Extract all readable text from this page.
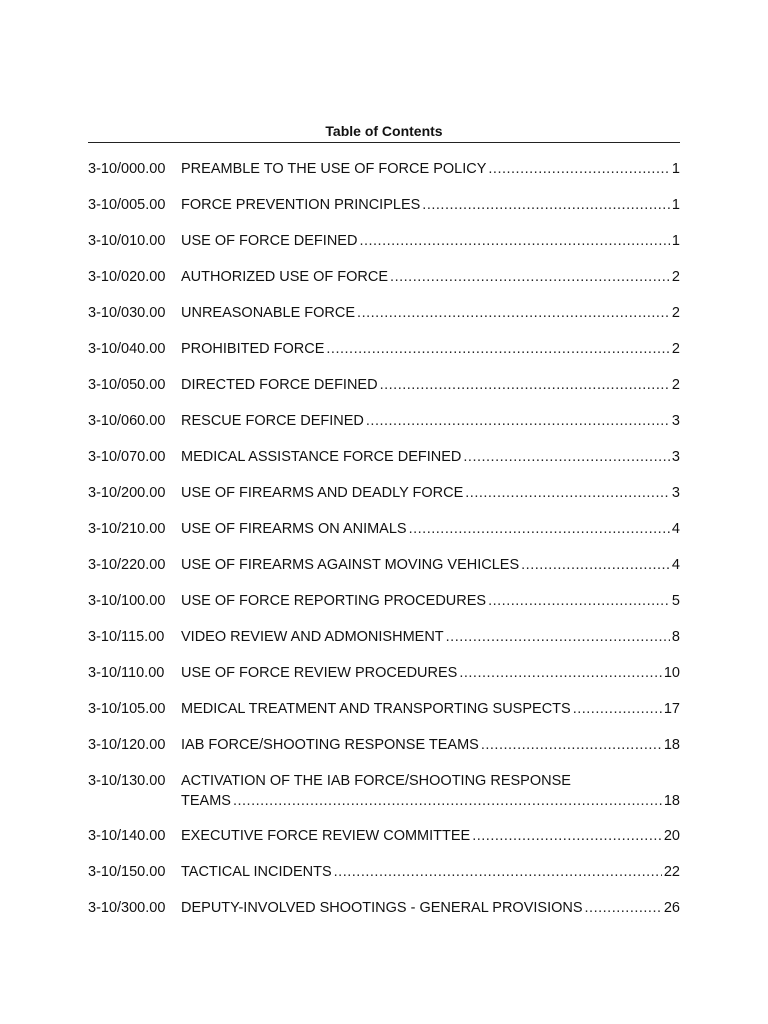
Table of Contents
3-10/000.00	PREAMBLE TO THE USE OF FORCE POLICY .....	1
3-10/005.00	FORCE PREVENTION PRINCIPLES .....	1
3-10/010.00	USE OF FORCE DEFINED .....	1
3-10/020.00	AUTHORIZED USE OF FORCE .....	2
3-10/030.00	UNREASONABLE FORCE .....	2
3-10/040.00	PROHIBITED FORCE .....	2
3-10/050.00	DIRECTED FORCE DEFINED .....	2
3-10/060.00	RESCUE FORCE DEFINED .....	3
3-10/070.00	MEDICAL ASSISTANCE FORCE DEFINED .....	3
3-10/200.00	USE OF FIREARMS AND DEADLY FORCE .....	3
3-10/210.00	USE OF FIREARMS ON ANIMALS .....	4
3-10/220.00	USE OF FIREARMS AGAINST MOVING VEHICLES .....	4
3-10/100.00	USE OF FORCE REPORTING PROCEDURES .....	5
3-10/115.00	VIDEO REVIEW AND ADMONISHMENT .....	8
3-10/110.00	USE OF FORCE REVIEW PROCEDURES .....	10
3-10/105.00	MEDICAL TREATMENT AND TRANSPORTING SUSPECTS .....	17
3-10/120.00	IAB FORCE/SHOOTING RESPONSE TEAMS .....	18
3-10/130.00	ACTIVATION OF THE IAB FORCE/SHOOTING RESPONSE
TEAMS .....	18
3-10/140.00	EXECUTIVE FORCE REVIEW COMMITTEE .....	20
3-10/150.00	TACTICAL INCIDENTS .....	22
3-10/300.00	DEPUTY-INVOLVED SHOOTINGS - GENERAL PROVISIONS .....	26
